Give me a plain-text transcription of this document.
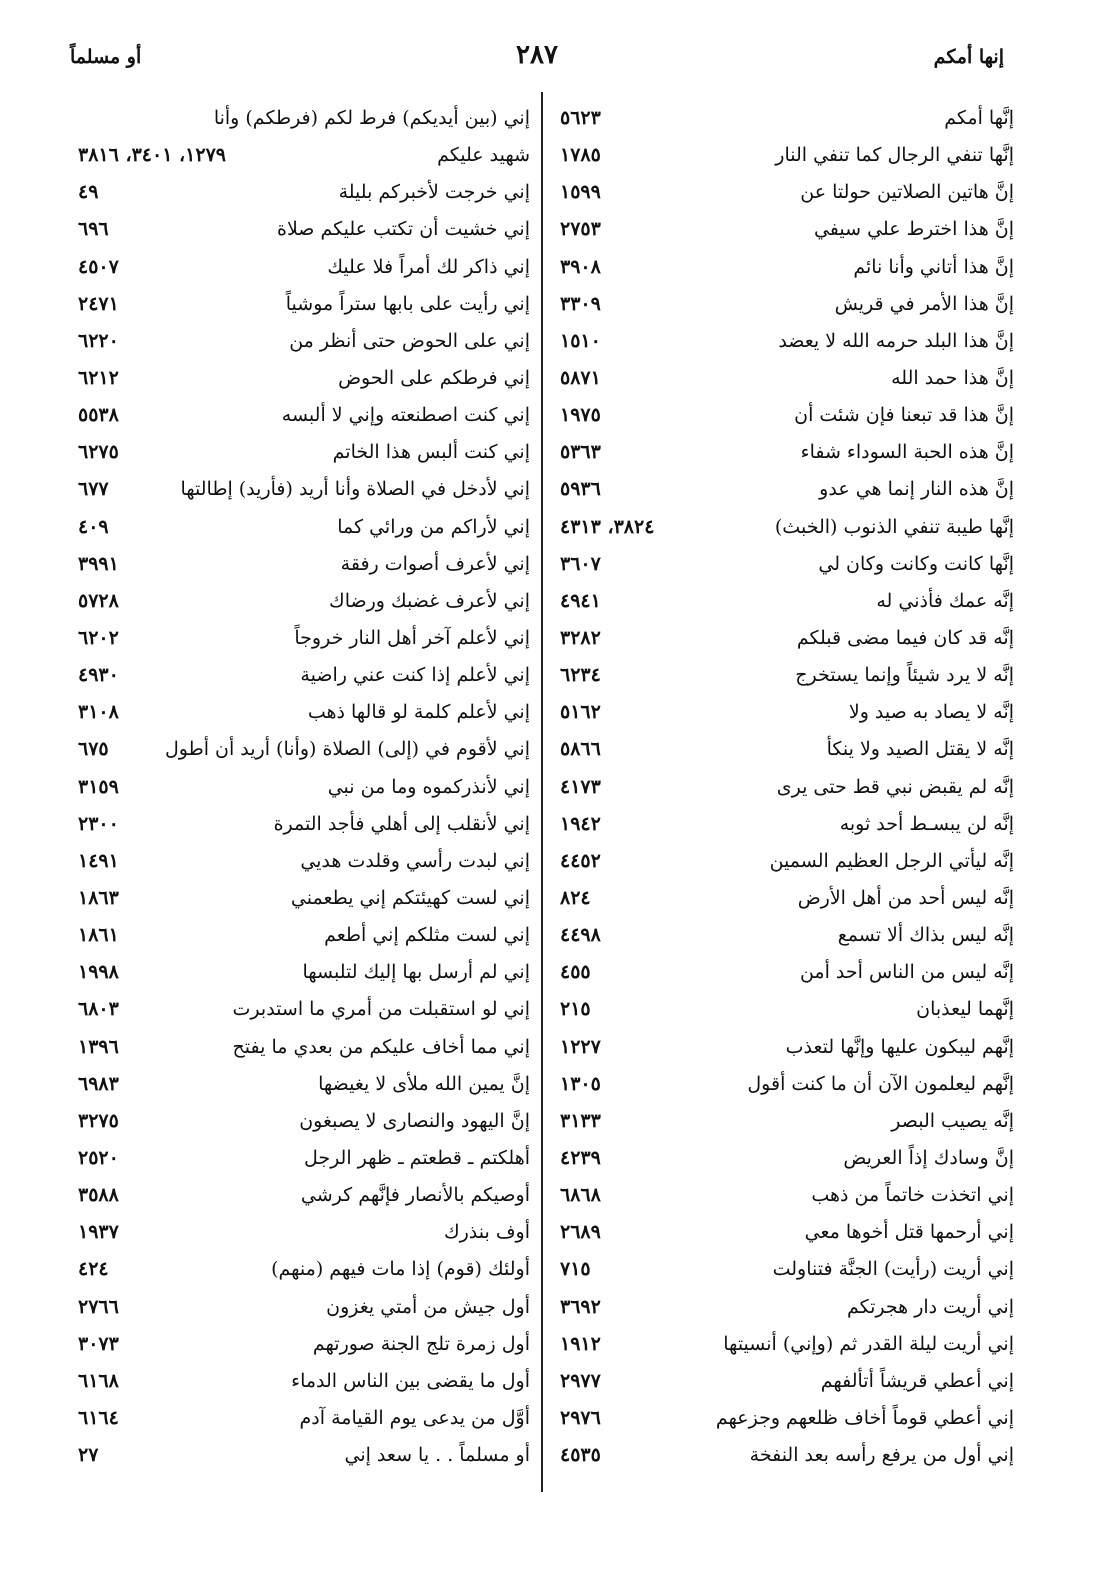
إنها أمكم
٢٨٧
أو مسلماً
إنَّها أمكم
٥٦٢٣
إنَّها تنفي الرجال كما تنفي النار
١٧٨٥
إنَّ هاتين الصلاتين حولتا عن
١٥٩٩
إنَّ هذا اخترط علي سيفي
٢٧٥٣
إنَّ هذا أتاني وأنا نائم
٣٩٠٨
إنَّ هذا الأمر في قريش
٣٣٠٩
إنَّ هذا البلد حرمه الله لا يعضد
١٥١٠
إنَّ هذا حمد الله
٥٨٧١
إنَّ هذا قد تبعنا فإن شئت أن
١٩٧٥
إنَّ هذه الحبة السوداء شفاء
٥٣٦٣
إنَّ هذه النار إنما هي عدو
٥٩٣٦
إنَّها طيبة تنفي الذنوب (الخبث)
٣٨٢٤، ٤٣١٣
إنَّها كانت وكانت وكان لي
٣٦٠٧
إنَّه عمك فأذني له
٤٩٤١
إنَّه قد كان فيما مضى قبلكم
٣٢٨٢
إنَّه لا يرد شيئاً وإنما يستخرج
٦٢٣٤
إنَّه لا يصاد به صيد ولا
٥١٦٢
إنَّه لا يقتل الصيد ولا ينكأ
٥٨٦٦
إنَّه لم يقبض نبي قط حتى يرى
٤١٧٣
إنَّه لن يبسـط أحد ثوبه
١٩٤٢
إنَّه ليأتي الرجل العظيم السمين
٤٤٥٢
إنَّه ليس أحد من أهل الأرض
٨٢٤
إنَّه ليس بذاك ألا تسمع
٤٤٩٨
إنَّه ليس من الناس أحد أمن
٤٥٥
إنَّهما ليعذبان
٢١٥
إنَّهم ليبكون عليها وإنَّها لتعذب
١٢٢٧
إنَّهم ليعلمون الآن أن ما كنت أقول
١٣٠٥
إنَّه يصيب البصر
٣١٣٣
إنَّ وسادك إذاً العريض
٤٢٣٩
إني اتخذت خاتماً من ذهب
٦٨٦٨
إني أرحمها قتل أخوها معي
٢٦٨٩
إني أريت (رأيت) الجنَّة فتناولت
٧١٥
إني أريت دار هجرتكم
٣٦٩٢
إني أريت ليلة القدر ثم (وإني) أنسيتها
١٩١٢
إني أعطي قريشاً أتألفهم
٢٩٧٧
إني أعطي قوماً أخاف ظلعهم وجزعهم
٢٩٧٦
إني أول من يرفع رأسه بعد النفخة
٤٥٣٥
إني (بين أيديكم) فرط لكم (فرطكم) وأنا
شهيد عليكم
١٢٧٩، ٣٤٠١، ٣٨١٦
إني خرجت لأخبركم بليلة
٤٩
إني خشيت أن تكتب عليكم صلاة
٦٩٦
إني ذاكر لك أمراً فلا عليك
٤٥٠٧
إني رأيت على بابها ستراً موشياً
٢٤٧١
إني على الحوض حتى أنظر من
٦٢٢٠
إني فرطكم على الحوض
٦٢١٢
إني كنت اصطنعته وإني لا ألبسه
٥٥٣٨
إني كنت ألبس هذا الخاتم
٦٢٧٥
إني لأدخل في الصلاة وأنا أريد (فأريد) إطالتها
٦٧٧
إني لأراكم من ورائي كما
٤٠٩
إني لأعرف أصوات رفقة
٣٩٩١
إني لأعرف غضبك ورضاك
٥٧٢٨
إني لأعلم آخر أهل النار خروجاً
٦٢٠٢
إني لأعلم إذا كنت عني راضية
٤٩٣٠
إني لأعلم كلمة لو قالها ذهب
٣١٠٨
إني لأقوم في (إلى) الصلاة (وأنا) أريد أن أطول
٦٧٥
إني لأنذركموه وما من نبي
٣١٥٩
إني لأنقلب إلى أهلي فأجد التمرة
٢٣٠٠
إني لبدت رأسي وقلدت هديي
١٤٩١
إني لست كهيئتكم إني يطعمني
١٨٦٣
إني لست مثلكم إني أطعم
١٨٦١
إني لم أرسل بها إليك لتلبسها
١٩٩٨
إني لو استقبلت من أمري ما استدبرت
٦٨٠٣
إني مما أخاف عليكم من بعدي ما يفتح
١٣٩٦
إنَّ يمين الله ملأى لا يغيضها
٦٩٨٣
إنَّ اليهود والنصارى لا يصبغون
٣٢٧٥
أهلكتم ـ قطعتم ـ ظهر الرجل
٢٥٢٠
أوصيكم بالأنصار فإنَّهم كرشي
٣٥٨٨
أوف بنذرك
١٩٣٧
أولئك (قوم) إذا مات فيهم (منهم)
٤٢٤
أول جيش من أمتي يغزون
٢٧٦٦
أول زمرة تلج الجنة صورتهم
٣٠٧٣
أول ما يقضى بين الناس الدماء
٦١٦٨
أوَّل من يدعى يوم القيامة آدم
٦١٦٤
أو مسلماً . . يا سعد إني
٢٧
